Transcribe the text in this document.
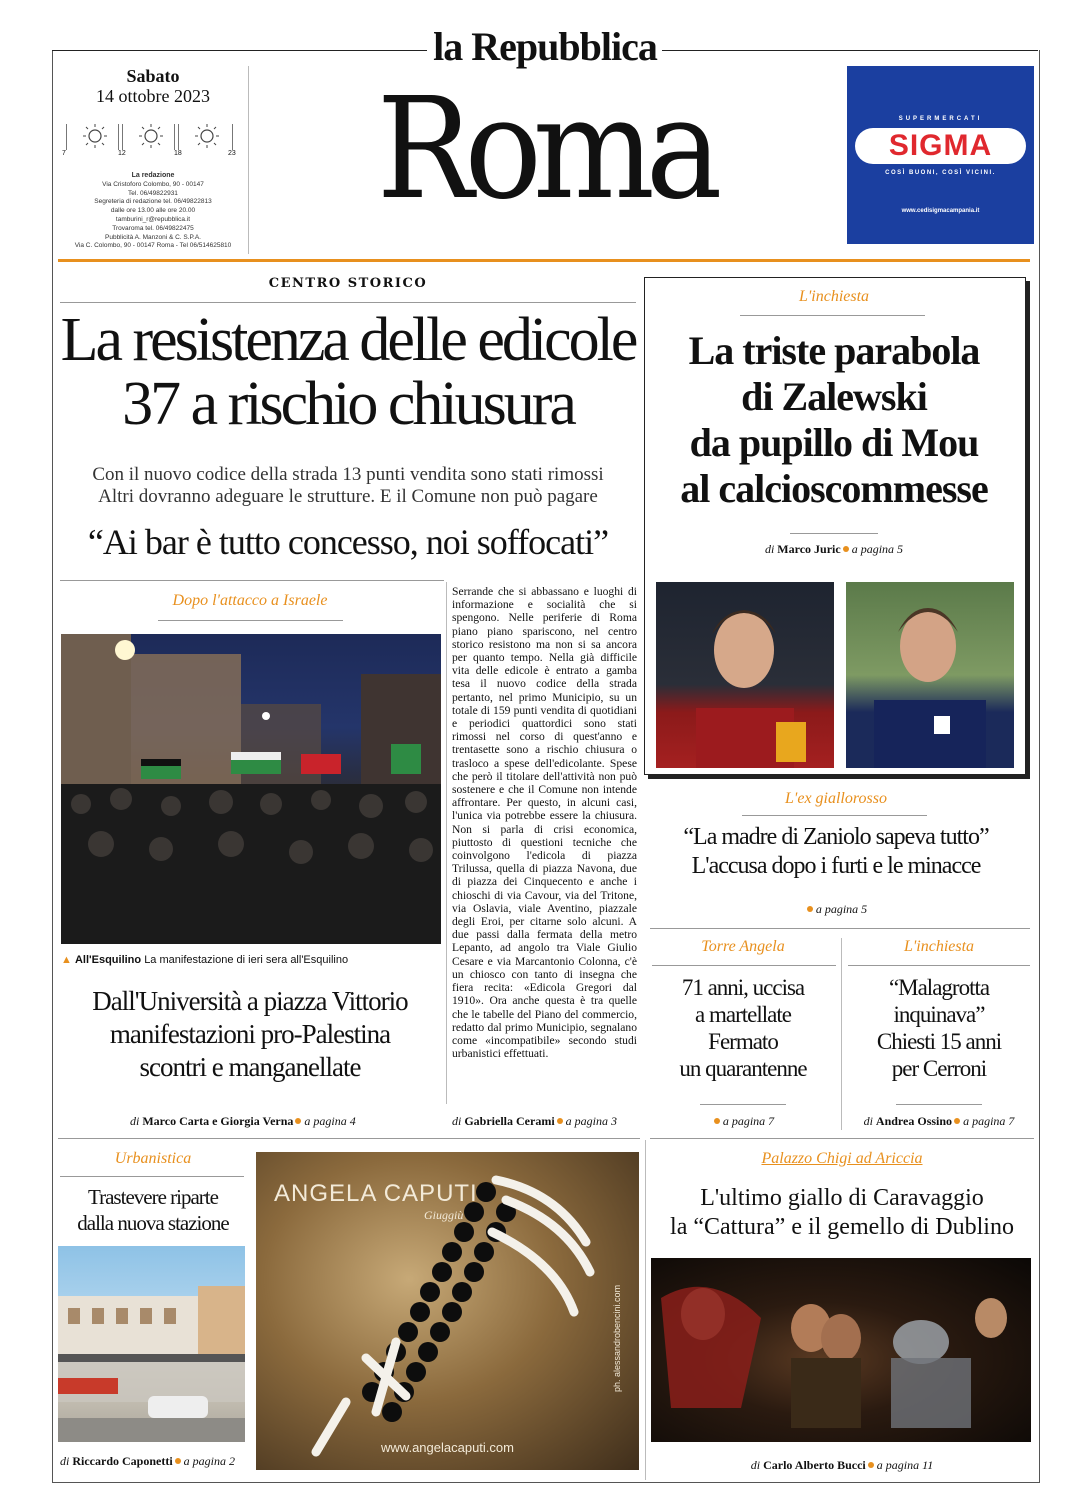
la Repubblica
Roma
Sabato
14 ottobre 2023
7	12	18	23
La redazione
Via Cristoforo Colombo, 90 - 00147
Tel. 06/49822931
Segreteria di redazione tel. 06/49822813
dalle ore 13.00 alle ore 20.00
tamburini_r@repubblica.it
Trovaroma tel. 06/49822475
Pubblicità A. Manzoni & C. S.P.A.
Via C. Colombo, 90 - 00147 Roma - Tel 06/514625810
SUPERMERCATI
SIGMA
COSÌ BUONI, COSÌ VICINI.
www.cedisigmacampania.it
CENTRO STORICO
La resistenza delle edicole
37 a rischio chiusura
Con il nuovo codice della strada 13 punti vendita sono stati rimossi
Altri dovranno adeguare le strutture. E il Comune non può pagare
“Ai bar è tutto concesso, noi soffocati”
Serrande che si abbassano e luoghi di informazione e socialità che si spengono. Nelle periferie di Roma piano piano spariscono, nel centro storico resistono ma non si sa ancora per quanto tempo. Nella già difficile vita delle edicole è entrato a gamba tesa il nuovo codice della strada pertanto, nel primo Municipio, su un totale di 159 punti vendita di quotidiani e periodici quattordici sono stati rimossi nel corso di quest'anno e trentasette sono a rischio chiusura o trasloco a spese dell'edicolante. Spese che però il titolare dell'attività non può sostenere e che il Comune non intende affrontare. Per questo, in alcuni casi, l'unica via potrebbe essere la chiusura. Non si parla di crisi economica, piuttosto di questioni tecniche che coinvolgono l'edicola di piazza Trilussa, quella di piazza Navona, due di piazza dei Cinquecento e anche i chioschi di via Cavour, via del Tritone, via Oslavia, viale Aventino, piazzale degli Eroi, per citarne solo alcuni. A due passi dalla fermata della metro Lepanto, ad angolo tra Viale Giulio Cesare e via Marcantonio Colonna, c'è un chiosco con tanto di insegna che fiera recita: «Edicola Gregori dal 1910». Ora anche questa è tra quelle che le tabelle del Piano del commercio, redatto dal primo Municipio, segnalano come «incompatibile» secondo studi urbanistici effettuati.
di Gabriella Cerami a pagina 3
Dopo l'attacco a Israele
▲ All'Esquilino La manifestazione di ieri sera all'Esquilino
Dall'Università a piazza Vittorio
manifestazioni pro-Palestina
scontri e manganellate
di Marco Carta e Giorgia Verna a pagina 4
L'inchiesta
La triste parabola
di Zalewski
da pupillo di Mou
al calcioscommesse
di Marco Juric a pagina 5
L'ex giallorosso
“La madre di Zaniolo sapeva tutto”
L'accusa dopo i furti e le minacce
a pagina 5
Torre Angela
71 anni, uccisa
a martellate
Fermato
un quarantenne
a pagina 7
L'inchiesta
“Malagrotta
inquinava”
Chiesti 15 anni
per Cerroni
di Andrea Ossino a pagina 7
Urbanistica
Trastevere riparte
dalla nuova stazione
di Riccardo Caponetti a pagina 2
ANGELA CAPUTI
Giuggiù
ph. alessandrobencini.com
www.angelacaputi.com
Palazzo Chigi ad Ariccia
L'ultimo giallo di Caravaggio
la “Cattura” e il gemello di Dublino
di Carlo Alberto Bucci a pagina 11
